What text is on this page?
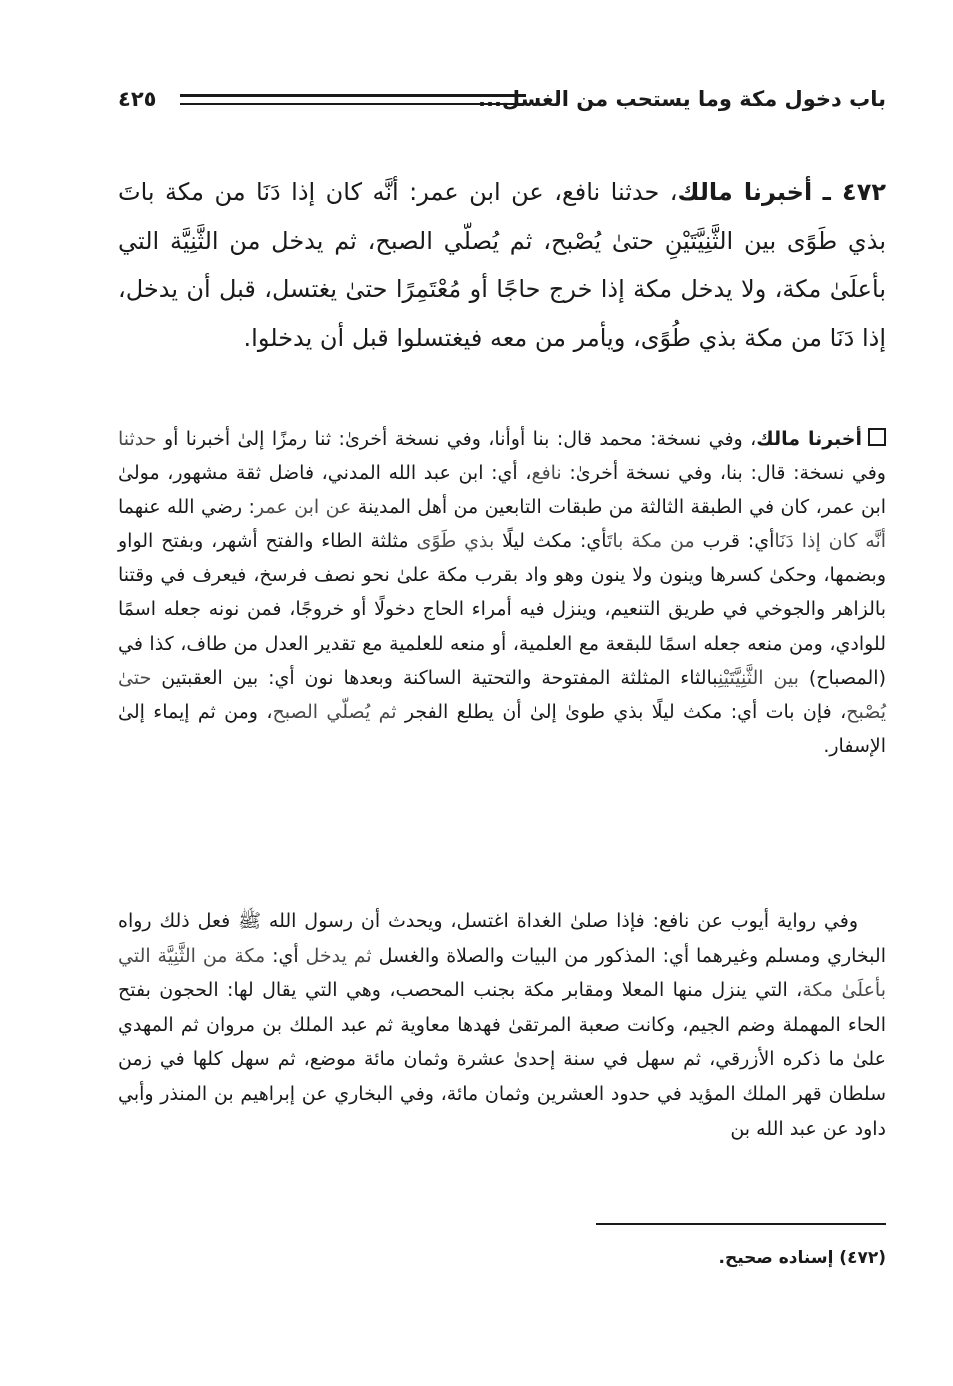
باب دخول مكة وما يستحب من الغسل...
٤٢٥
٤٧٢ ـ أخبرنا مالك، حدثنا نافع، عن ابن عمر: أنَّه كان إذا دَنَا من مكة باتَ بذي طَوًى بين الثَّنِيَّتَيْنِ حتىٰ يُصْبح، ثم يُصلّي الصبح، ثم يدخل من الثَّنِيَّة التي بأعلَىٰ مكة، ولا يدخل مكة إذا خرج حاجًا أو مُعْتَمِرًا حتىٰ يغتسل، قبل أن يدخل، إذا دَنَا من مكة بذي طُوًى، ويأمر من معه فيغتسلوا قبل أن يدخلوا.
أخبرنا مالك، وفي نسخة: محمد قال: بنا أوأنا، وفي نسخة أخرىٰ: ثنا رمزًا إلىٰ أخبرنا أو حدثنا وفي نسخة: قال: بنا، وفي نسخة أخرىٰ: نافع، أي: ابن عبد الله المدني، فاضل ثقة مشهور، مولىٰ ابن عمر، كان في الطبقة الثالثة من طبقات التابعين من أهل المدينة عن ابن عمر: رضي الله عنهما أنَّه كان إذا دَنَاأي: قرب من مكة باتَأي: مكث ليلًا بذي طَوًى مثلثة الطاء والفتح أشهر، وبفتح الواو وبضمها، وحكىٰ كسرها وينون ولا ينون وهو واد بقرب مكة علىٰ نحو نصف فرسخ، فيعرف في وقتنا بالزاهر والجوخي في طريق التنعيم، وينزل فيه أمراء الحاج دخولًا أو خروجًا، فمن نونه جعله اسمًا للوادي، ومن منعه جعله اسمًا للبقعة مع العلمية، أو منعه للعلمية مع تقدير العدل من طاف، كذا في (المصباح) بين الثَّنِيَّتَيْنِبالثاء المثلثة المفتوحة والتحتية الساكنة وبعدها نون أي: بين العقبتين حتىٰ يُصْبح، فإن بات أي: مكث ليلًا بذي طوىٰ إلىٰ أن يطلع الفجر ثم يُصلّي الصبح، ومن ثم إيماء إلىٰ الإسفار.
وفي رواية أيوب عن نافع: فإذا صلىٰ الغداة اغتسل، ويحدث أن رسول الله ﷺ فعل ذلك رواه البخاري ومسلم وغيرهما أي: المذكور من البيات والصلاة والغسل ثم يدخل أي: مكة من الثَّنِيَّة التي بأعلَىٰ مكة، التي ينزل منها المعلا ومقابر مكة بجنب المحصب، وهي التي يقال لها: الحجون بفتح الحاء المهملة وضم الجيم، وكانت صعبة المرتقىٰ فهدها معاوية ثم عبد الملك بن مروان ثم المهدي علىٰ ما ذكره الأزرقي، ثم سهل في سنة إحدىٰ عشرة وثمان مائة موضع، ثم سهل كلها في زمن سلطان قهر الملك المؤيد في حدود العشرين وثمان مائة، وفي البخاري عن إبراهيم بن المنذر وأبي داود عن عبد الله بن
(٤٧٢) إسناده صحيح.
